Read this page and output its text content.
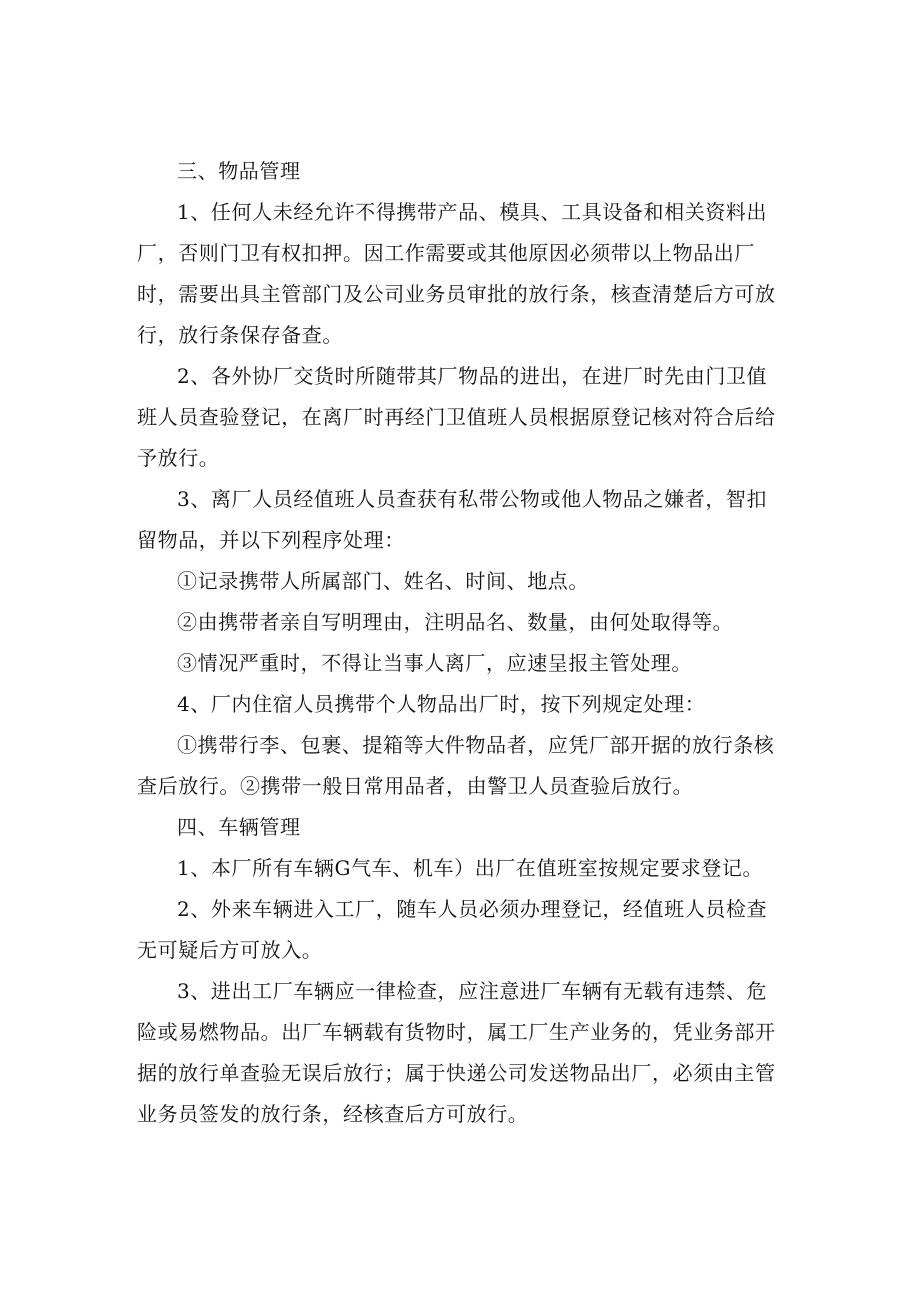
三、物品管理

1、任何人未经允许不得携带产品、模具、工具设备和相关资料出厂，否则门卫有权扣押。因工作需要或其他原因必须带以上物品出厂时，需要出具主管部门及公司业务员审批的放行条，核查清楚后方可放行，放行条保存备查。

2、各外协厂交货时所随带其厂物品的进出，在进厂时先由门卫值班人员查验登记，在离厂时再经门卫值班人员根据原登记核对符合后给予放行。

3、离厂人员经值班人员查获有私带公物或他人物品之嫌者，智扣留物品，并以下列程序处理：

①记录携带人所属部门、姓名、时间、地点。

②由携带者亲自写明理由，注明品名、数量，由何处取得等。

③情况严重时，不得让当事人离厂，应速呈报主管处理。

4、厂内住宿人员携带个人物品出厂时，按下列规定处理：

①携带行李、包裹、提箱等大件物品者，应凭厂部开据的放行条核查后放行。②携带一般日常用品者，由警卫人员查验后放行。

四、车辆管理

1、本厂所有车辆G气车、机车）出厂在值班室按规定要求登记。

2、外来车辆进入工厂，随车人员必须办理登记，经值班人员检查无可疑后方可放入。

3、进出工厂车辆应一律检查，应注意进厂车辆有无载有违禁、危险或易燃物品。出厂车辆载有货物时，属工厂生产业务的，凭业务部开据的放行单查验无误后放行；属于快递公司发送物品出厂，必须由主管业务员签发的放行条，经核查后方可放行。
